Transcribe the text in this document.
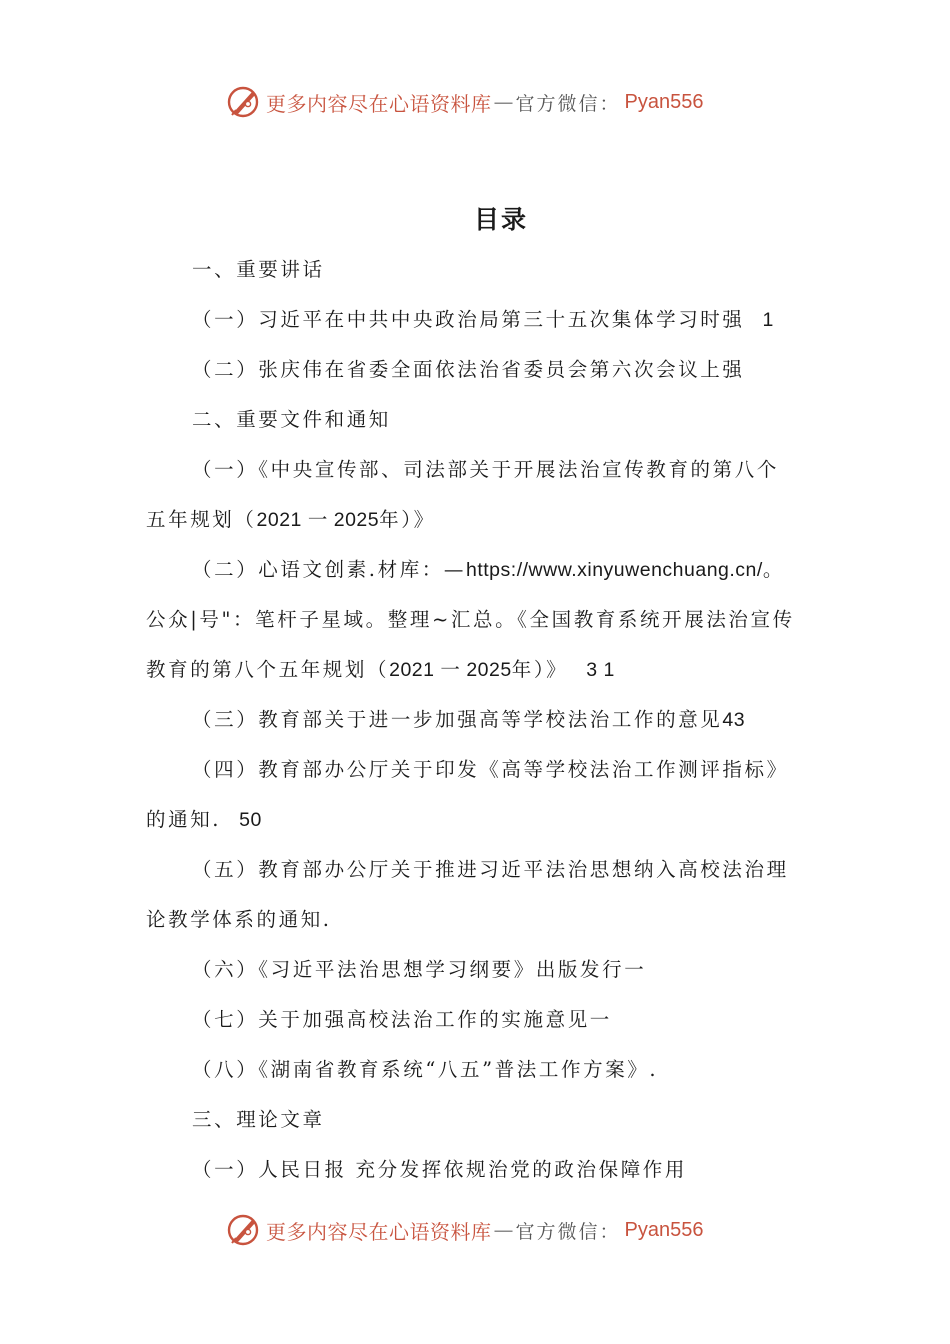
更多内容尽在心语资料库 — 官方微信： Pyan556
目录
一、重要讲话
（一）习近平在中共中央政治局第三十五次集体学习时强 1
（二）张庆伟在省委全面依法治省委员会第六次会议上强
二、重要文件和通知
（一）《中央宣传部、司法部关于开展法治宣传教育的第八个
五年规划（2021 一 2025年）》
（二）心语文创素.材库：—https://www.xinyuwenchuang.cn/。
公众|号"：笔杆子星域。整理~汇总。《全国教育系统开展法治宣传
教育的第八个五年规划（2021 一 2025年）》 3 1
（三）教育部关于进一步加强高等学校法治工作的意见43
（四）教育部办公厅关于印发《高等学校法治工作测评指标》
的通知. 50
（五）教育部办公厅关于推进习近平法治思想纳入高校法治理
论教学体系的通知.
（六）《习近平法治思想学习纲要》出版发行一
（七）关于加强高校法治工作的实施意见一
（八）《湖南省教育系统“八五”普法工作方案》.
三、理论文章
（一）人民日报 充分发挥依规治党的政治保障作用
更多内容尽在心语资料库 — 官方微信： Pyan556
